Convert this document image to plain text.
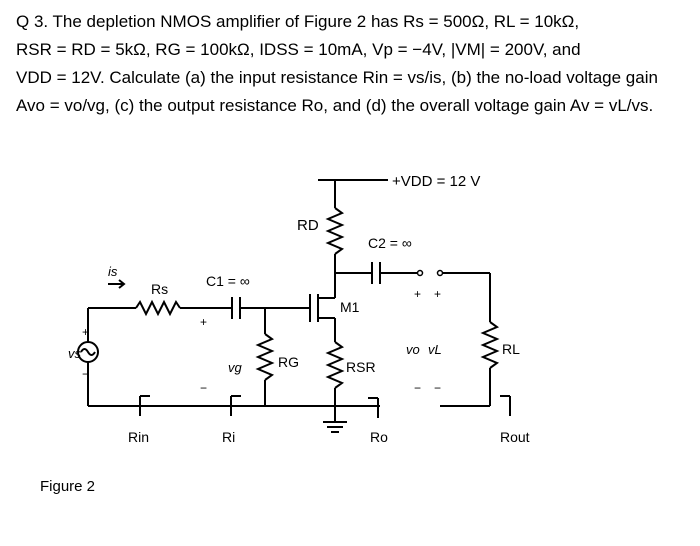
Q 3. The depletion NMOS amplifier of Figure 2 has Rs = 500Ω, RL = 10kΩ,
RSR = RD = 5kΩ, RG = 100kΩ, IDSS = 10mA, Vp = −4V, |VM| = 200V, and
VDD = 12V. Calculate (a) the input resistance Rin = vs/is, (b) the no-load voltage gain
Avo = vo/vg, (c) the output resistance Ro, and (d) the overall voltage gain Av = vL/vs.
+VDD = 12 V
RD
C2 = ∞
C1 = ∞
Rs
is
M1
vs
vg	RG	RSR
vo vL	RL
Rin	Ri	Ro	Rout
+
−
+
−
+ +
− −
Figure 2
